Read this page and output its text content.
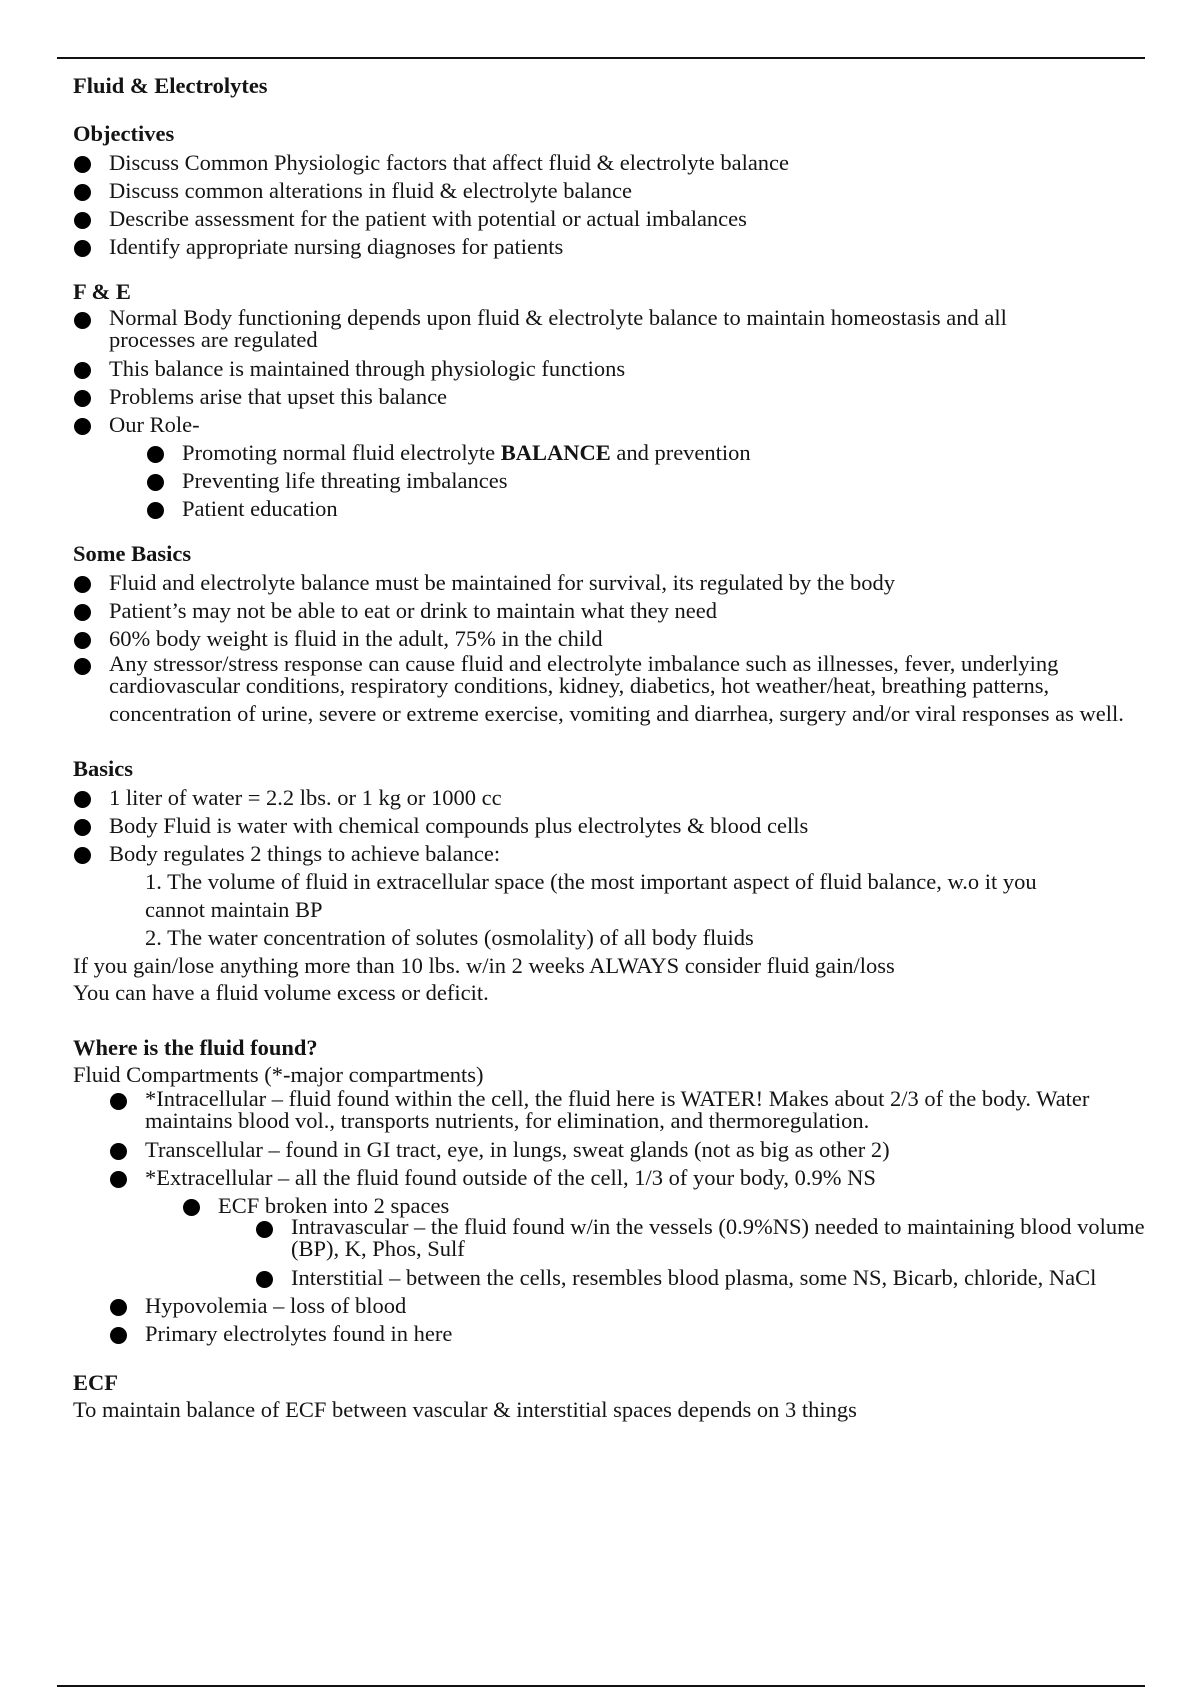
Fluid & Electrolytes
Objectives
Discuss Common Physiologic factors that affect fluid & electrolyte balance
Discuss common alterations in fluid & electrolyte balance
Describe assessment for the patient with potential or actual imbalances
Identify appropriate nursing diagnoses for patients
F & E
Normal Body functioning depends upon fluid & electrolyte balance to maintain homeostasis and all processes are regulated
This balance is maintained through physiologic functions
Problems arise that upset this balance
Our Role-
Promoting normal fluid electrolyte BALANCE and prevention
Preventing life threating imbalances
Patient education
Some Basics
Fluid and electrolyte balance must be maintained for survival, its regulated by the body
Patient’s may not be able to eat or drink to maintain what they need
60% body weight is fluid in the adult, 75% in the child
Any stressor/stress response can cause fluid and electrolyte imbalance such as illnesses, fever, underlying cardiovascular conditions, respiratory conditions, kidney, diabetics, hot weather/heat, breathing patterns,
concentration of urine, severe or extreme exercise, vomiting and diarrhea, surgery and/or viral responses as well.
Basics
1 liter of water = 2.2 lbs. or 1 kg or 1000 cc
Body Fluid is water with chemical compounds plus electrolytes & blood cells
Body regulates 2 things to achieve balance:
1. The volume of fluid in extracellular space (the most important aspect of fluid balance, w.o it you
cannot maintain BP
2. The water concentration of solutes (osmolality) of all body fluids
If you gain/lose anything more than 10 lbs. w/in 2 weeks ALWAYS consider fluid gain/loss
You can have a fluid volume excess or deficit.
Where is the fluid found?
Fluid Compartments (*-major compartments)
*Intracellular – fluid found within the cell, the fluid here is WATER! Makes about 2/3 of the body. Water maintains blood vol., transports nutrients, for elimination, and thermoregulation.
Transcellular – found in GI tract, eye, in lungs, sweat glands (not as big as other 2)
*Extracellular – all the fluid found outside of the cell, 1/3 of your body, 0.9% NS
ECF broken into 2 spaces
Intravascular – the fluid found w/in the vessels (0.9%NS) needed to maintaining blood volume (BP), K, Phos, Sulf
Interstitial – between the cells, resembles blood plasma, some NS, Bicarb, chloride, NaCl
Hypovolemia – loss of blood
Primary electrolytes found in here
ECF
To maintain balance of ECF between vascular & interstitial spaces depends on 3 things
